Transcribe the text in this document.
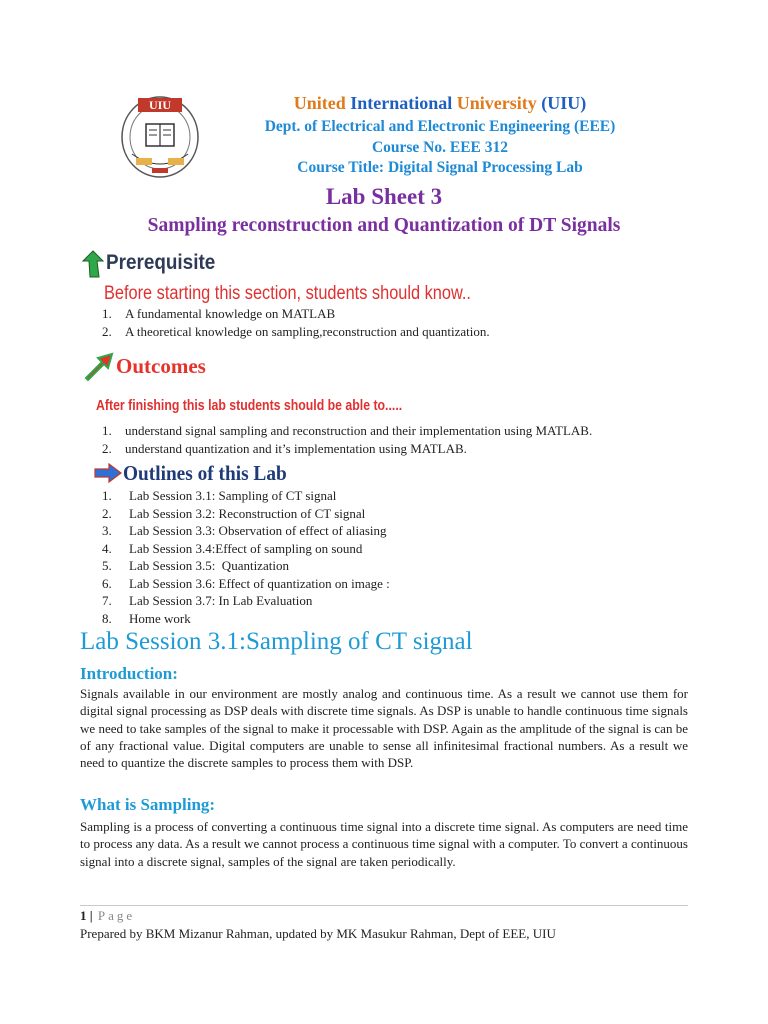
UIU	United International University (UIU)
Dept. of Electrical and Electronic Engineering (EEE)
Course No. EEE 312
Course Title: Digital Signal Processing Lab
Lab Sheet 3
Sampling reconstruction and Quantization of DT Signals
Prerequisite
Before starting this section, students should know..
1. A fundamental knowledge on MATLAB
2. A theoretical knowledge on sampling,reconstruction and quantization.
Outcomes
After finishing this lab students should be able to.....
1. understand signal sampling and reconstruction and their implementation using MATLAB.
2. understand quantization and it’s implementation using MATLAB.
Outlines of this Lab
1. Lab Session 3.1: Sampling of CT signal
2. Lab Session 3.2: Reconstruction of CT signal
3. Lab Session 3.3: Observation of effect of aliasing
4. Lab Session 3.4:Effect of sampling on sound
5. Lab Session 3.5:  Quantization
6. Lab Session 3.6: Effect of quantization on image :
7. Lab Session 3.7: In Lab Evaluation
8. Home work
Lab Session 3.1:Sampling of CT signal
Introduction:

Signals available in our environment are mostly analog and continuous time. As a result we cannot use them for digital signal processing as DSP deals with discrete time signals. As DSP is unable to handle continuous time signals we need to take samples of the signal to make it processable with DSP. Again as the amplitude of the signal is can be of any fractional value. Digital computers are unable to sense all infinitesimal fractional numbers. As a result we need to quantize the discrete samples to process them with DSP.

What is Sampling:

Sampling is a process of converting a continuous time signal into a discrete time signal. As computers are need time to process any data. As a result we cannot process a continuous time signal with a computer. To convert a continuous signal into a discrete signal, samples of the signal are taken periodically.

1 | Page
Prepared by BKM Mizanur Rahman, updated by MK Masukur Rahman, Dept of EEE, UIU
